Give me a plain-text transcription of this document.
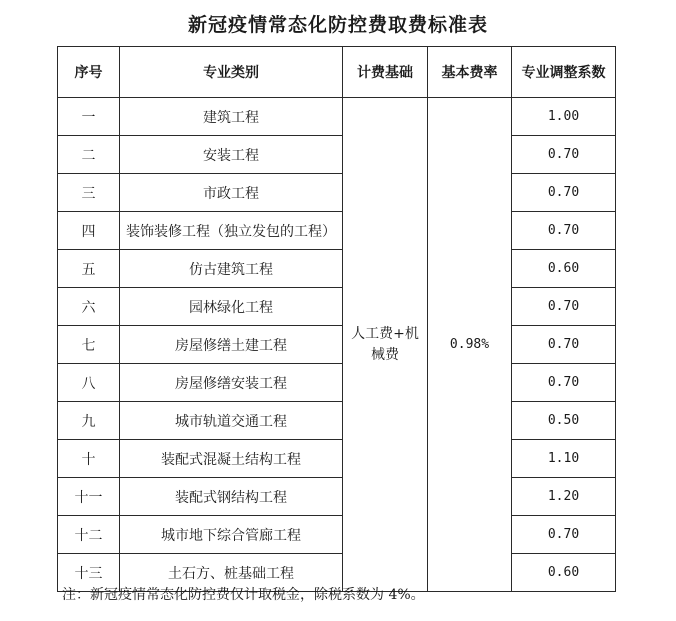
新冠疫情常态化防控费取费标准表
序号	专业类别	计费基础	基本费率	专业调整系数
一	建筑工程	人工费+机械费	0.98%	1.00
二	安装工程			0.70
三	市政工程			0.70
四	装饰装修工程（独立发包的工程）			0.70
五	仿古建筑工程			0.60
六	园林绿化工程			0.70
七	房屋修缮土建工程			0.70
八	房屋修缮安装工程			0.70
九	城市轨道交通工程			0.50
十	装配式混凝土结构工程			1.10
十一	装配式钢结构工程			1.20
十二	城市地下综合管廊工程			0.70
十三	土石方、桩基础工程			0.60

注：新冠疫情常态化防控费仅计取税金，除税系数为 4%。
